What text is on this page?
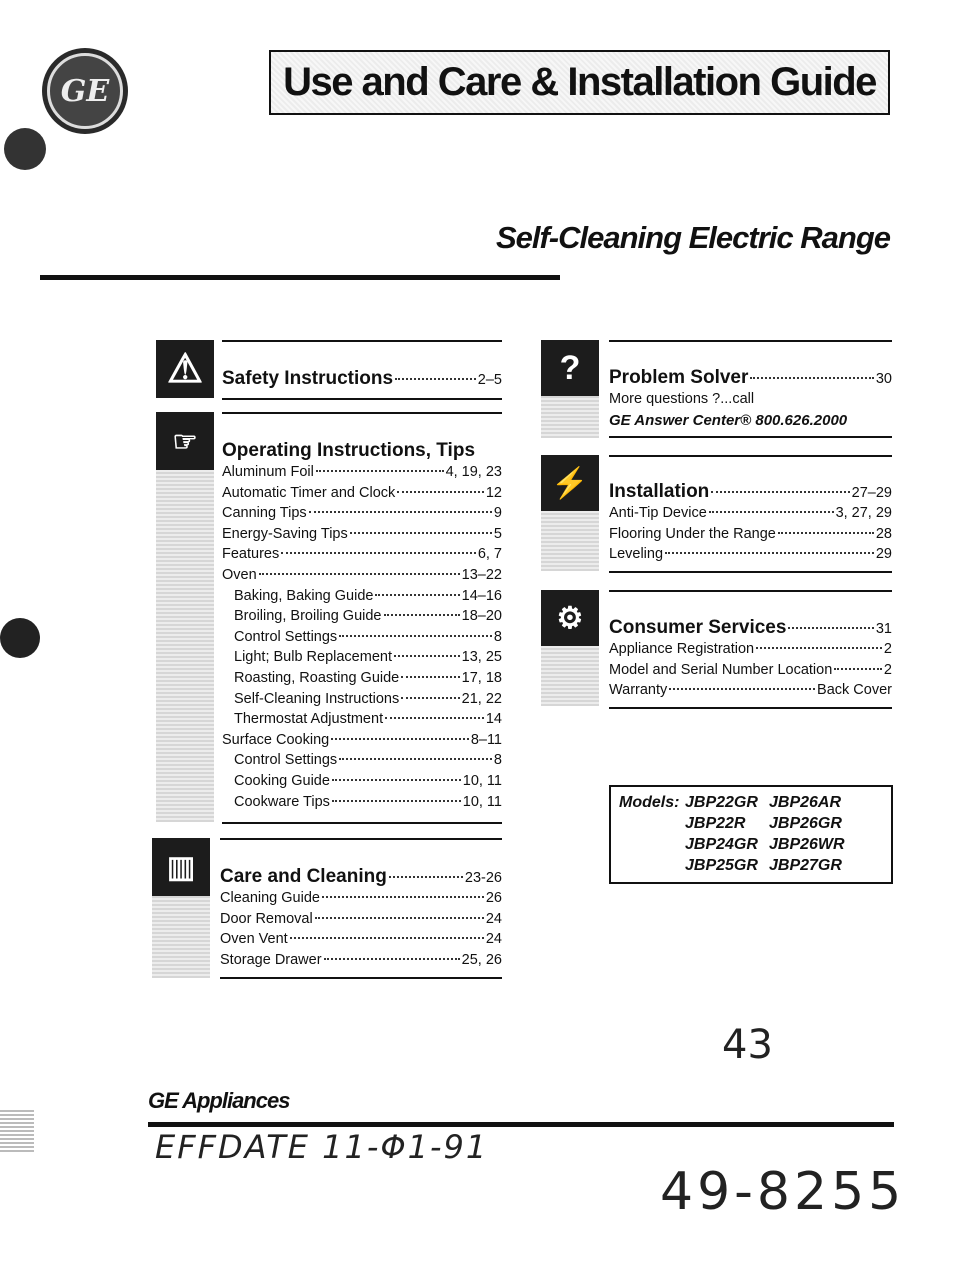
GE	Use and Care & Installation Guide
Self-Cleaning Electric Range
⚠	Safety Instructions	2–5
☞	Operating Instructions, Tips
Aluminum Foil	4, 19, 23
Automatic Timer and Clock	12
Canning Tips	9
Energy-Saving Tips	5
Features	6, 7
Oven	13–22
Baking, Baking Guide	14–16
Broiling, Broiling Guide	18–20
Control Settings	8
Light; Bulb Replacement	13, 25
Roasting, Roasting Guide	17, 18
Self-Cleaning Instructions	21, 22
Thermostat Adjustment	14
Surface Cooking	8–11
Control Settings	8
Cooking Guide	10, 11
Cookware Tips	10, 11
▥	Care and Cleaning	23-26
Cleaning Guide	26
Door Removal	24
Oven Vent	24
Storage Drawer	25, 26
?	Problem Solver	30
More questions ?...call
GE Answer Center® 800.626.2000
⚡	Installation	27–29
Anti-Tip Device	3, 27, 29
Flooring Under the Range	28
Leveling	29
⚙	Consumer Services	31
Appliance Registration	2
Model and Serial Number Location	2
Warranty	Back Cover
Models: JBP22GR JBP26AR
JBP22R	JBP26GR
JBP24GR JBP26WR
JBP25GR JBP27GR
43
GE Appliances
EFFDATE 11-Φ1-91
49-8255
